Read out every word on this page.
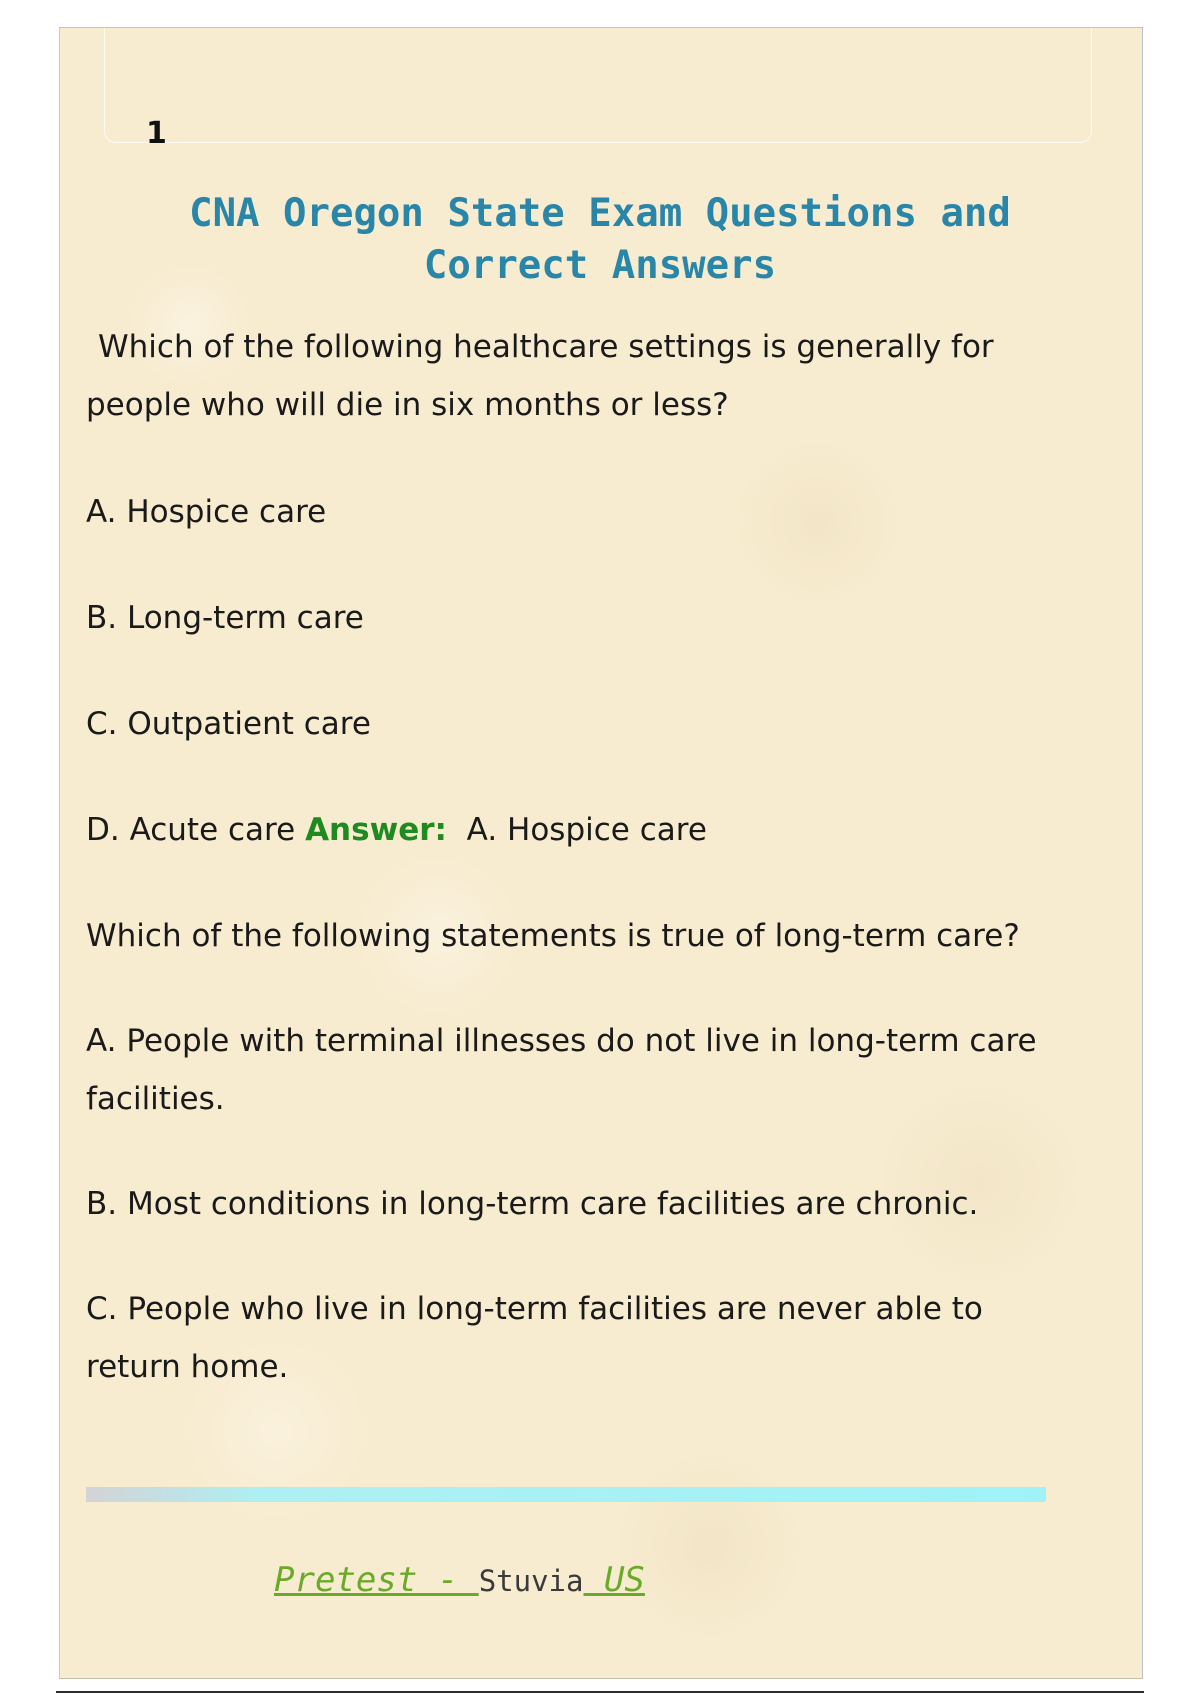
1
CNA Oregon State Exam Questions and Correct Answers

Which of the following healthcare settings is generally for people who will die in six months or less?

A. Hospice care

B. Long-term care

C. Outpatient care

D. Acute care Answer: A. Hospice care

Which of the following statements is true of long-term care?

A. People with terminal illnesses do not live in long-term care facilities.

B. Most conditions in long-term care facilities are chronic.

C. People who live in long-term facilities are never able to return home.

Pretest - Stuvia US
